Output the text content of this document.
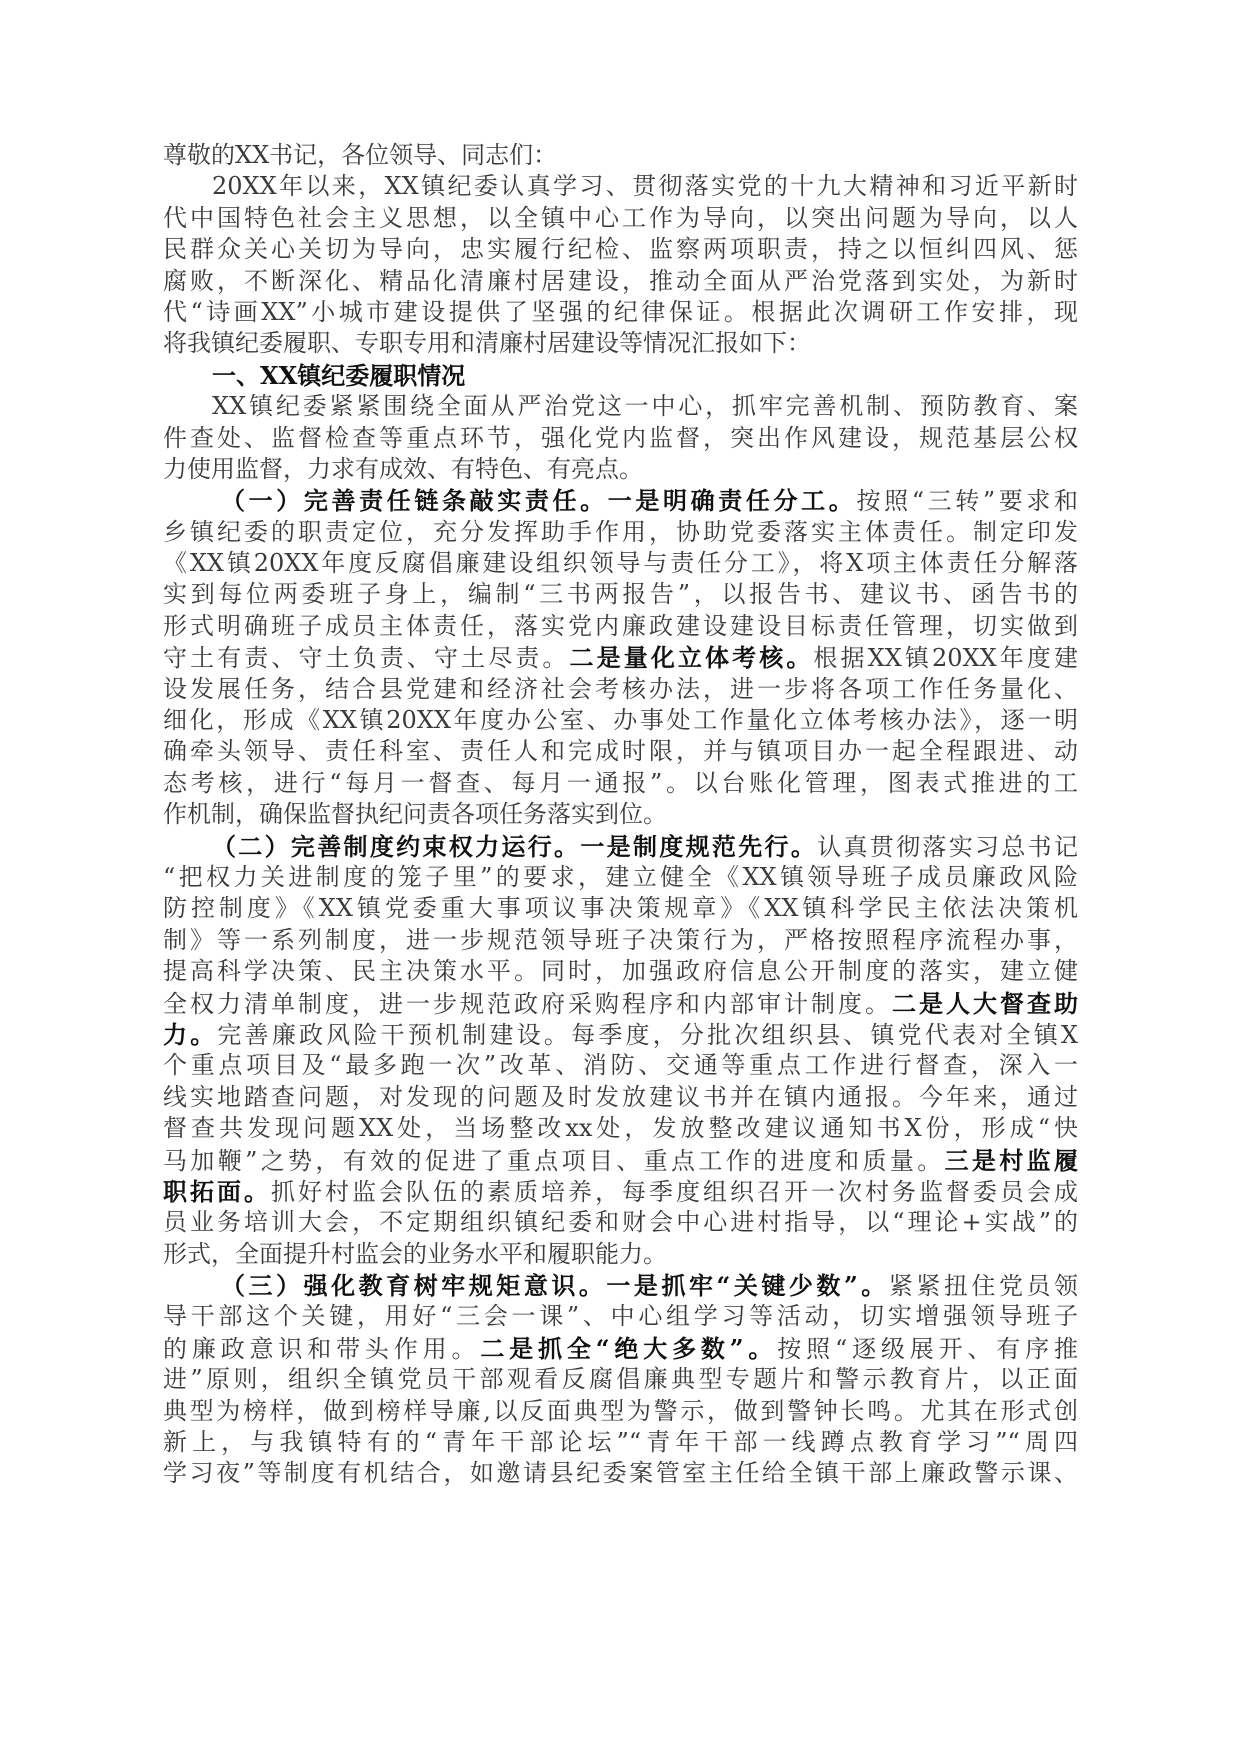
尊敬的XX书记，各位领导、同志们：
20XX年以来，XX镇纪委认真学习、贯彻落实党的十九大精神和习近平新时
代中国特色社会主义思想，以全镇中心工作为导向，以突出问题为导向，以人
民群众关心关切为导向，忠实履行纪检、监察两项职责，持之以恒纠四风、惩
腐败，不断深化、精品化清廉村居建设，推动全面从严治党落到实处，为新时
代“诗画XX”小城市建设提供了坚强的纪律保证。根据此次调研工作安排，现
将我镇纪委履职、专职专用和清廉村居建设等情况汇报如下：
一、XX镇纪委履职情况
XX镇纪委紧紧围绕全面从严治党这一中心，抓牢完善机制、预防教育、案
件查处、监督检查等重点环节，强化党内监督，突出作风建设，规范基层公权
力使用监督，力求有成效、有特色、有亮点。
（一）完善责任链条敲实责任。一是明确责任分工。按照“三转”要求和
乡镇纪委的职责定位，充分发挥助手作用，协助党委落实主体责任。制定印发
《XX镇20XX年度反腐倡廉建设组织领导与责任分工》，将X项主体责任分解落
实到每位两委班子身上，编制“三书两报告”，以报告书、建议书、函告书的
形式明确班子成员主体责任，落实党内廉政建设建设目标责任管理，切实做到
守土有责、守土负责、守土尽责。二是量化立体考核。根据XX镇20XX年度建
设发展任务，结合县党建和经济社会考核办法，进一步将各项工作任务量化、
细化，形成《XX镇20XX年度办公室、办事处工作量化立体考核办法》，逐一明
确牵头领导、责任科室、责任人和完成时限，并与镇项目办一起全程跟进、动
态考核，进行“每月一督查、每月一通报”。以台账化管理，图表式推进的工
作机制，确保监督执纪问责各项任务落实到位。
（二）完善制度约束权力运行。一是制度规范先行。认真贯彻落实习总书记
“把权力关进制度的笼子里”的要求，建立健全《XX镇领导班子成员廉政风险
防控制度》《XX镇党委重大事项议事决策规章》《XX镇科学民主依法决策机
制》等一系列制度，进一步规范领导班子决策行为，严格按照程序流程办事，
提高科学决策、民主决策水平。同时，加强政府信息公开制度的落实，建立健
全权力清单制度，进一步规范政府采购程序和内部审计制度。二是人大督查助
力。完善廉政风险干预机制建设。每季度，分批次组织县、镇党代表对全镇X
个重点项目及“最多跑一次”改革、消防、交通等重点工作进行督查，深入一
线实地踏查问题，对发现的问题及时发放建议书并在镇内通报。今年来，通过
督查共发现问题XX处，当场整改xx处，发放整改建议通知书X份，形成“快
马加鞭”之势，有效的促进了重点项目、重点工作的进度和质量。三是村监履
职拓面。抓好村监会队伍的素质培养，每季度组织召开一次村务监督委员会成
员业务培训大会，不定期组织镇纪委和财会中心进村指导，以“理论+实战”的
形式，全面提升村监会的业务水平和履职能力。
（三）强化教育树牢规矩意识。一是抓牢“关键少数”。紧紧扭住党员领
导干部这个关键，用好“三会一课”、中心组学习等活动，切实增强领导班子
的廉政意识和带头作用。二是抓全“绝大多数”。按照“逐级展开、有序推
进”原则，组织全镇党员干部观看反腐倡廉典型专题片和警示教育片，以正面
典型为榜样，做到榜样导廉,以反面典型为警示，做到警钟长鸣。尤其在形式创
新上，与我镇特有的“青年干部论坛”“青年干部一线蹲点教育学习”“周四
学习夜”等制度有机结合，如邀请县纪委案管室主任给全镇干部上廉政警示课、
